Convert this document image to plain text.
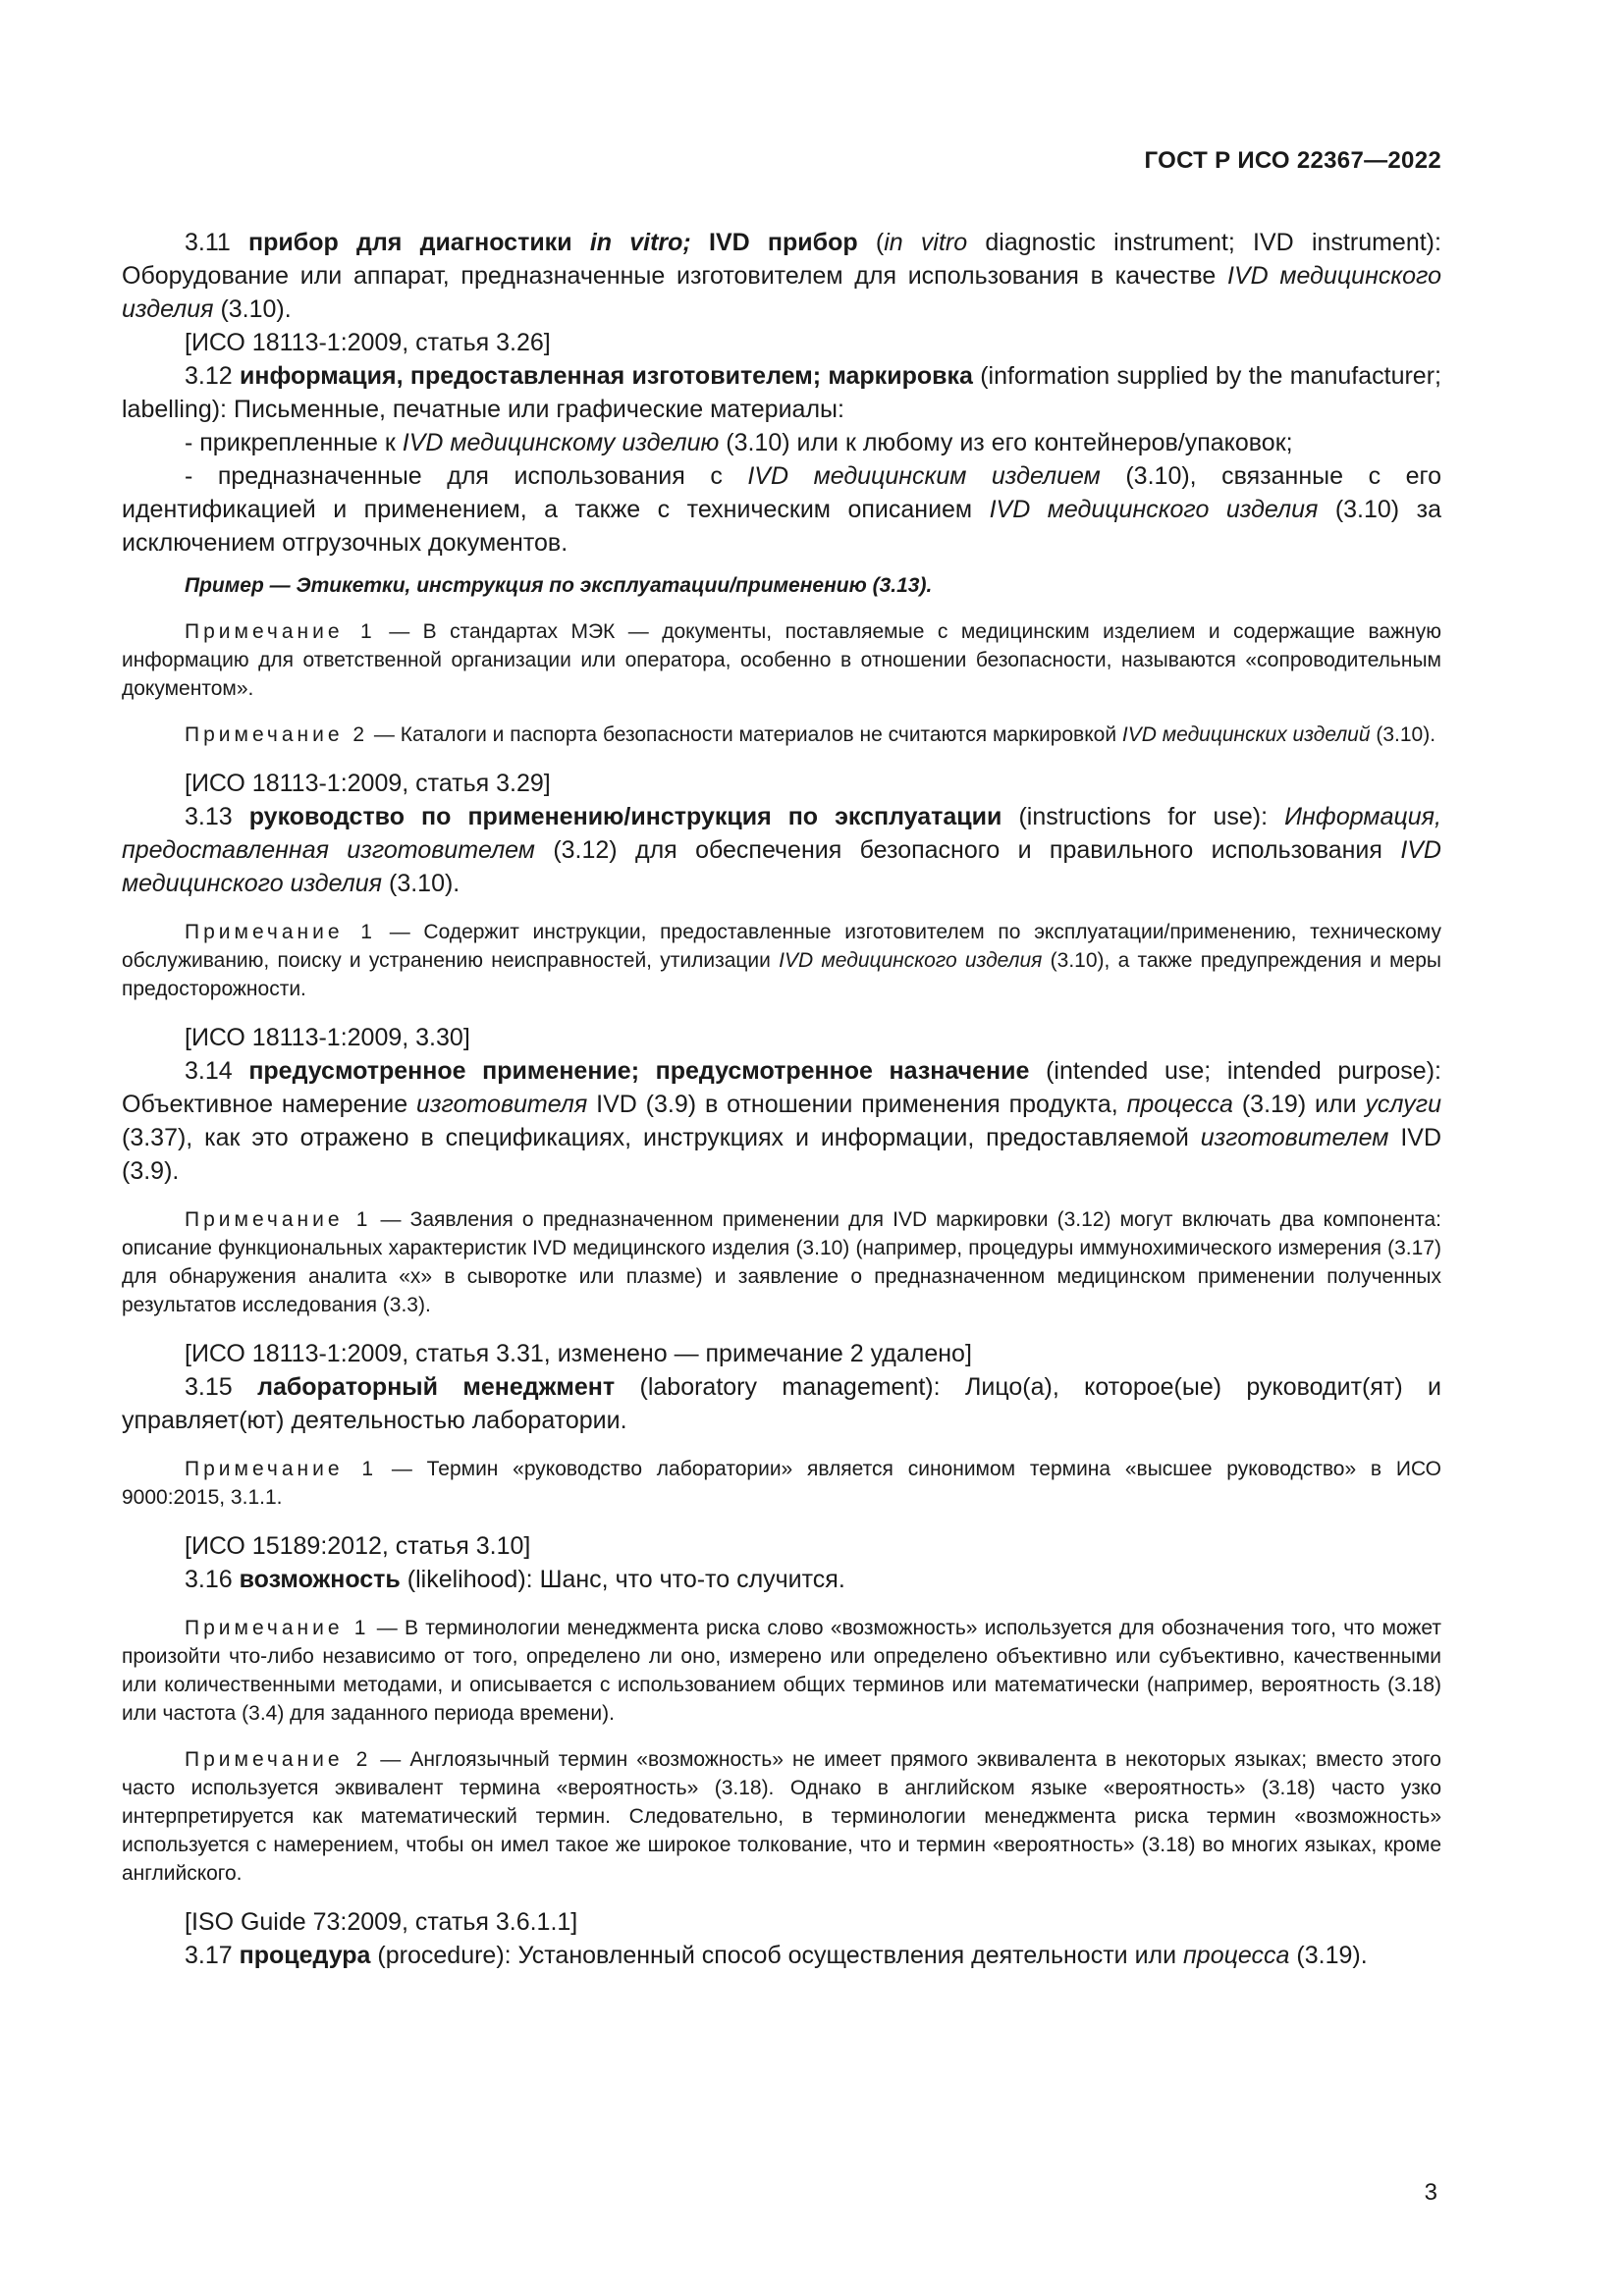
ГОСТ Р ИСО 22367—2022
3.11 прибор для диагностики in vitro; IVD прибор (in vitro diagnostic instrument; IVD instrument): Оборудование или аппарат, предназначенные изготовителем для использования в качестве IVD медицинского изделия (3.10).
[ИСО 18113-1:2009, статья 3.26]
3.12 информация, предоставленная изготовителем; маркировка (information supplied by the manufacturer; labelling): Письменные, печатные или графические материалы:
- прикрепленные к IVD медицинскому изделию (3.10) или к любому из его контейнеров/упаковок;
- предназначенные для использования с IVD медицинским изделием (3.10), связанные с его идентификацией и применением, а также с техническим описанием IVD медицинского изделия (3.10) за исключением отгрузочных документов.
Пример — Этикетки, инструкция по эксплуатации/применению (3.13).
Примечание 1 — В стандартах МЭК — документы, поставляемые с медицинским изделием и содержащие важную информацию для ответственной организации или оператора, особенно в отношении безопасности, называются «сопроводительным документом».
Примечание 2 — Каталоги и паспорта безопасности материалов не считаются маркировкой IVD медицинских изделий (3.10).
[ИСО 18113-1:2009, статья 3.29]
3.13 руководство по применению/инструкция по эксплуатации (instructions for use): Информация, предоставленная изготовителем (3.12) для обеспечения безопасного и правильного использования IVD медицинского изделия (3.10).
Примечание 1 — Содержит инструкции, предоставленные изготовителем по эксплуатации/применению, техническому обслуживанию, поиску и устранению неисправностей, утилизации IVD медицинского изделия (3.10), а также предупреждения и меры предосторожности.
[ИСО 18113-1:2009, 3.30]
3.14 предусмотренное применение; предусмотренное назначение (intended use; intended purpose): Объективное намерение изготовителя IVD (3.9) в отношении применения продукта, процесса (3.19) или услуги (3.37), как это отражено в спецификациях, инструкциях и информации, предоставляемой изготовителем IVD (3.9).
Примечание 1 — Заявления о предназначенном применении для IVD маркировки (3.12) могут включать два компонента: описание функциональных характеристик IVD медицинского изделия (3.10) (например, процедуры иммунохимического измерения (3.17) для обнаружения аналита «х» в сыворотке или плазме) и заявление о предназначенном медицинском применении полученных результатов исследования (3.3).
[ИСО 18113-1:2009, статья 3.31, изменено — примечание 2 удалено]
3.15 лабораторный менеджмент (laboratory management): Лицо(а), которое(ые) руководит(ят) и управляет(ют) деятельностью лаборатории.
Примечание 1 — Термин «руководство лаборатории» является синонимом термина «высшее руководство» в ИСО 9000:2015, 3.1.1.
[ИСО 15189:2012, статья 3.10]
3.16 возможность (likelihood): Шанс, что что-то случится.
Примечание 1 — В терминологии менеджмента риска слово «возможность» используется для обозначения того, что может произойти что-либо независимо от того, определено ли оно, измерено или определено объективно или субъективно, качественными или количественными методами, и описывается с использованием общих терминов или математически (например, вероятность (3.18) или частота (3.4) для заданного периода времени).
Примечание 2 — Англоязычный термин «возможность» не имеет прямого эквивалента в некоторых языках; вместо этого часто используется эквивалент термина «вероятность» (3.18). Однако в английском языке «вероятность» (3.18) часто узко интерпретируется как математический термин. Следовательно, в терминологии менеджмента риска термин «возможность» используется с намерением, чтобы он имел такое же широкое толкование, что и термин «вероятность» (3.18) во многих языках, кроме английского.
[ISO Guide 73:2009, статья 3.6.1.1]
3.17 процедура (procedure): Установленный способ осуществления деятельности или процесса (3.19).
3
